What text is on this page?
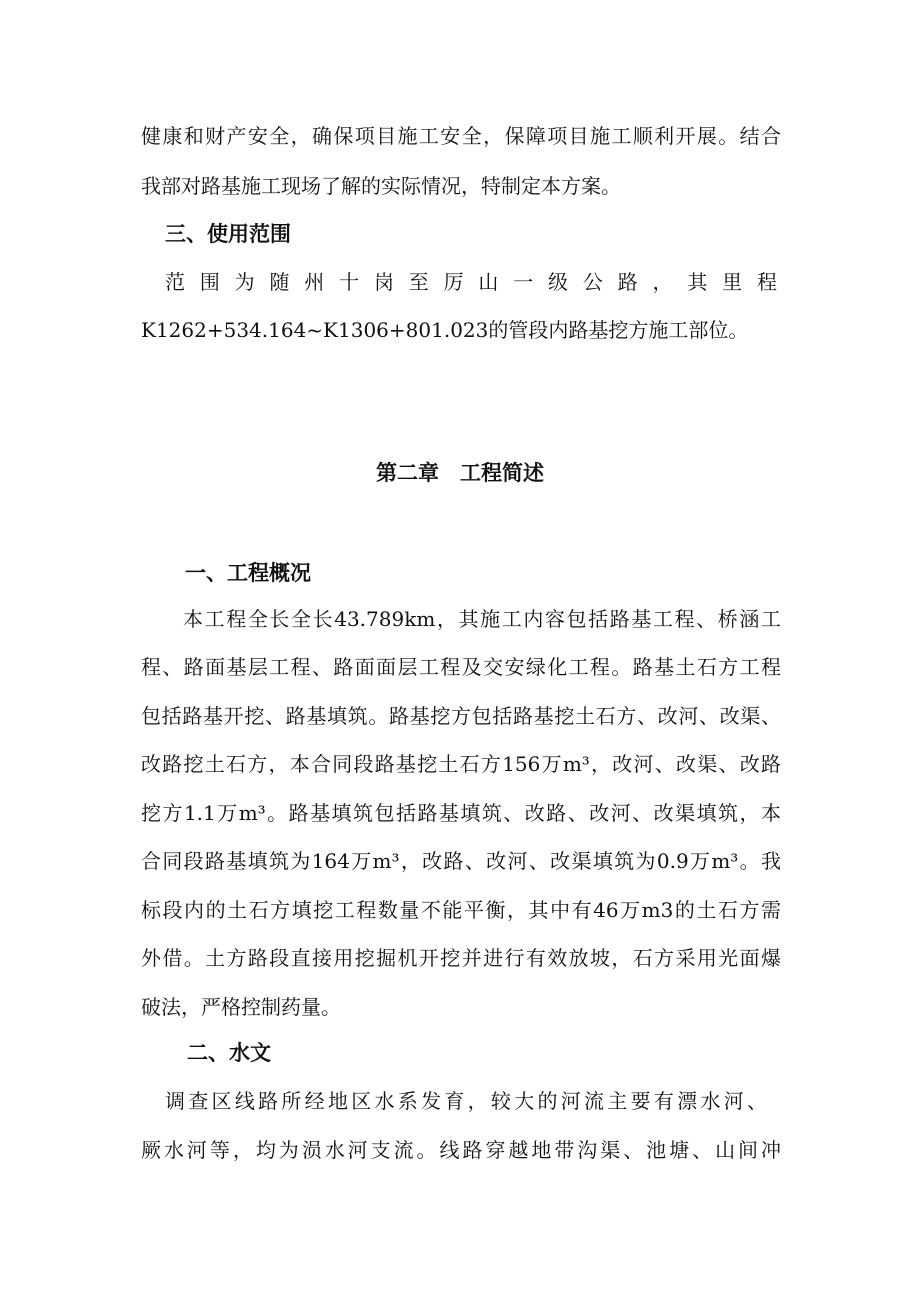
健康和财产安全，确保项目施工安全，保障项目施工顺利开展。结合
我部对路基施工现场了解的实际情况，特制定本方案。
三、使用范围
范围为随州十岗至厉山一级公路，其里程
K1262+534.164~K1306+801.023的管段内路基挖方施工部位。
第二章　工程简述
一、工程概况
本工程全长全长43.789km，其施工内容包括路基工程、桥涵工
程、路面基层工程、路面面层工程及交安绿化工程。路基土石方工程
包括路基开挖、路基填筑。路基挖方包括路基挖土石方、改河、改渠、
改路挖土石方，本合同段路基挖土石方156万m³，改河、改渠、改路
挖方1.1万m³。路基填筑包括路基填筑、改路、改河、改渠填筑，本
合同段路基填筑为164万m³，改路、改河、改渠填筑为0.9万m³。我
标段内的土石方填挖工程数量不能平衡，其中有46万m3的土石方需
外借。土方路段直接用挖掘机开挖并进行有效放坡，石方采用光面爆
破法，严格控制药量。
二、水文
调查区线路所经地区水系发育，较大的河流主要有漂水河、
厥水河等，均为涢水河支流。线路穿越地带沟渠、池塘、山间冲
